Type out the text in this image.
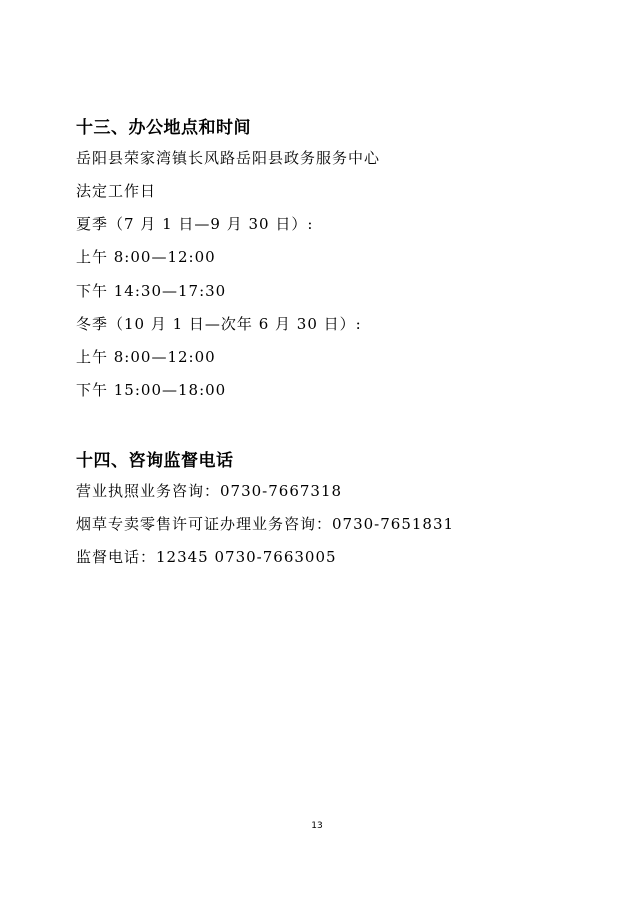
十三、办公地点和时间
岳阳县荣家湾镇长风路岳阳县政务服务中心
法定工作日
夏季（7 月 1 日—9 月 30 日）:
上午 8:00—12:00
下午 14:30—17:30
冬季（10 月 1 日—次年 6 月 30 日）:
上午 8:00—12:00
下午 15:00—18:00
十四、咨询监督电话
营业执照业务咨询：0730-7667318
烟草专卖零售许可证办理业务咨询：0730-7651831
监督电话：12345 0730-7663005
13
